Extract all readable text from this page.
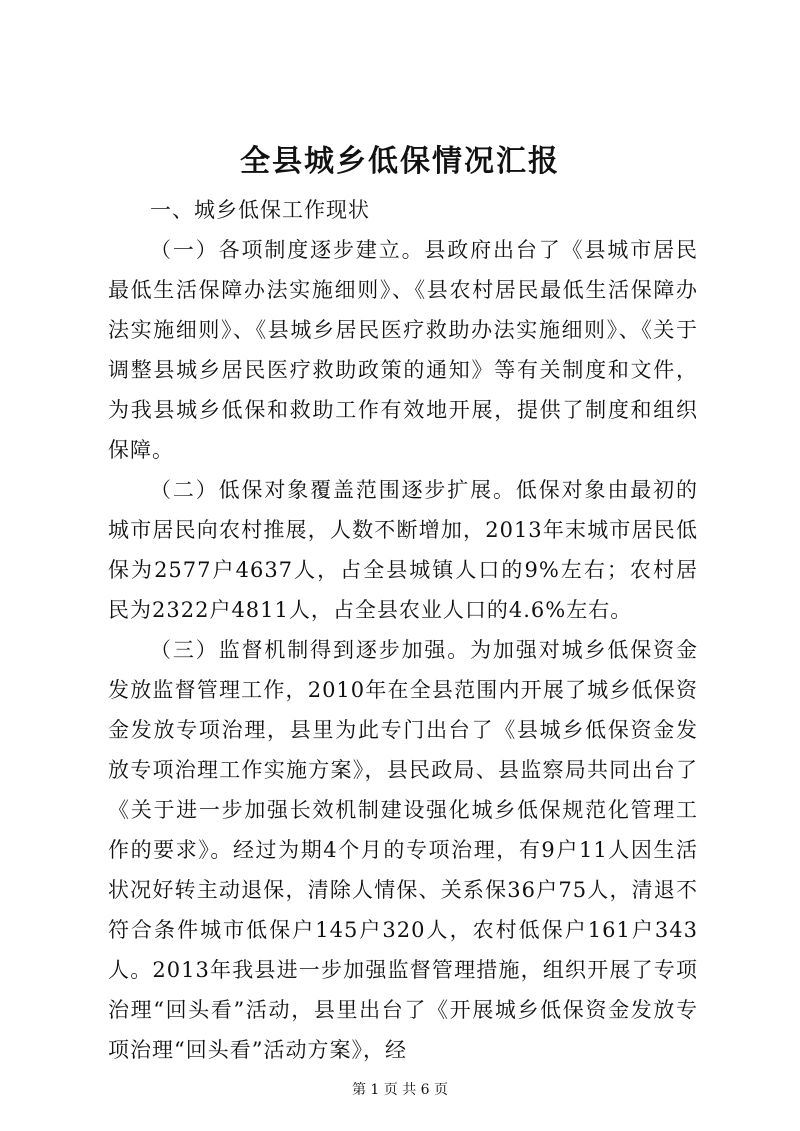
全县城乡低保情况汇报

一、城乡低保工作现状

（一）各项制度逐步建立。县政府出台了《县城市居民最低生活保障办法实施细则》、《县农村居民最低生活保障办法实施细则》、《县城乡居民医疗救助办法实施细则》、《关于调整县城乡居民医疗救助政策的通知》等有关制度和文件，为我县城乡低保和救助工作有效地开展，提供了制度和组织保障。

（二）低保对象覆盖范围逐步扩展。低保对象由最初的城市居民向农村推展，人数不断增加，2013年末城市居民低保为2577户4637人，占全县城镇人口的9%左右；农村居民为2322户4811人，占全县农业人口的4.6%左右。

（三）监督机制得到逐步加强。为加强对城乡低保资金发放监督管理工作，2010年在全县范围内开展了城乡低保资金发放专项治理，县里为此专门出台了《县城乡低保资金发放专项治理工作实施方案》，县民政局、县监察局共同出台了《关于进一步加强长效机制建设强化城乡低保规范化管理工作的要求》。经过为期4个月的专项治理，有9户11人因生活状况好转主动退保，清除人情保、关系保36户75人，清退不符合条件城市低保户145户320人，农村低保户161户343人。2013年我县进一步加强监督管理措施，组织开展了专项治理“回头看”活动，县里出台了《开展城乡低保资金发放专项治理“回头看”活动方案》，经

第 1 页 共 6 页
